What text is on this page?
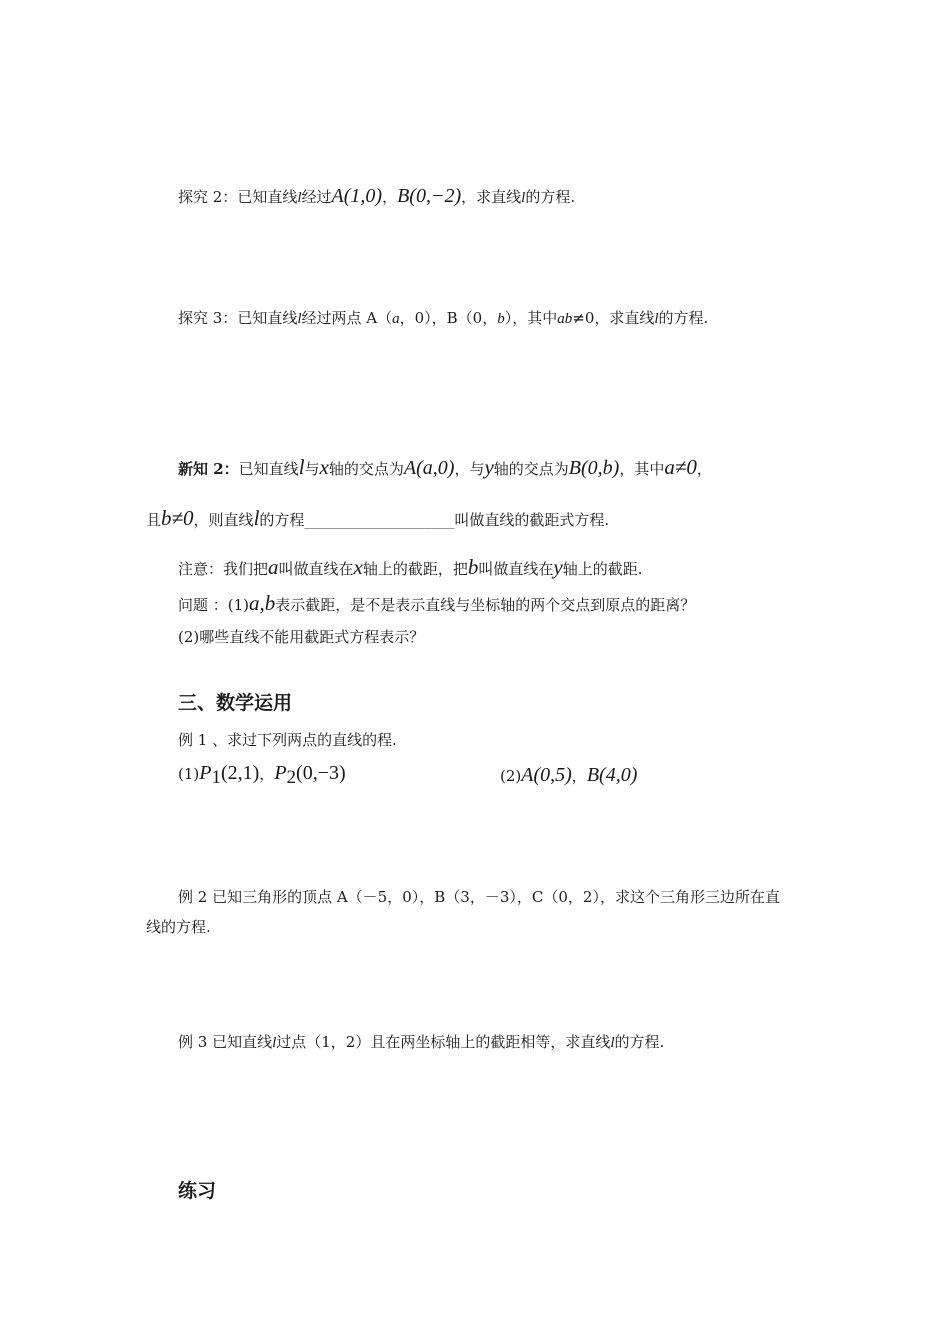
探究 2：已知直线l经过A(1,0)，B(0,−2)，求直线l的方程.
探究 3：已知直线l经过两点 A（a，0），B（0，b），其中ab≠0，求直线l的方程.
新知 2：已知直线l与x轴的交点为A(a,0)，与y轴的交点为B(0,b)，其中a≠0，
且b≠0，则直线l的方程____________________叫做直线的截距式方程.
注意：我们把a叫做直线在x轴上的截距，把b叫做直线在y轴上的截距.
问题 ：(1)a,b表示截距，是不是表示直线与坐标轴的两个交点到原点的距离？
(2)哪些直线不能用截距式方程表示？
三、数学运用
例 1 、求过下列两点的直线的程.
$(1)P_1(2,1)$，$P_2(0,-3)$	(2)A(0,5)，B(4,0)
例 2 已知三角形的顶点 A（－5，0），B（3，－3），C（0，2），求这个三角形三边所在直
线的方程.
例 3 已知直线l过点（1，2）且在两坐标轴上的截距相等，求直线l的方程.
练习
